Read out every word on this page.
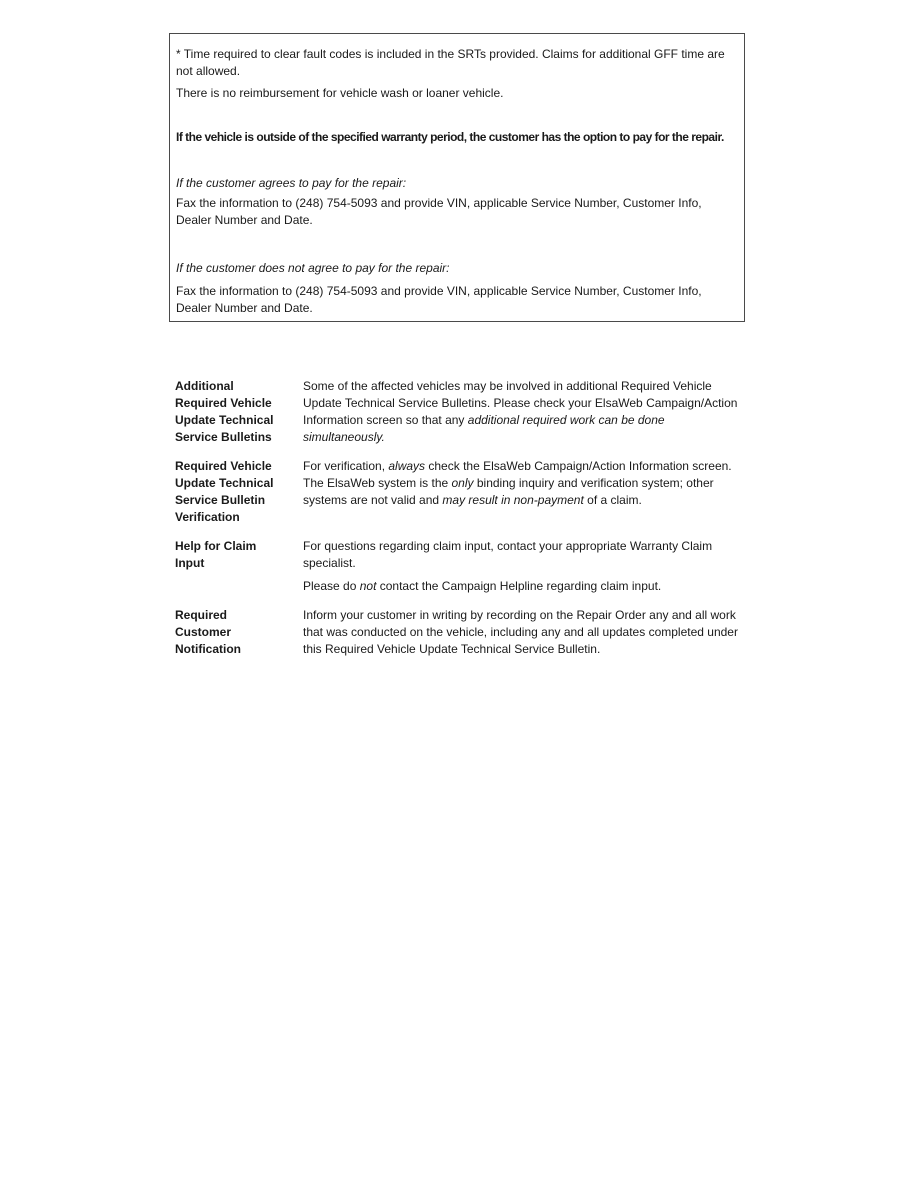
* Time required to clear fault codes is included in the SRTs provided. Claims for additional GFF time are not allowed.

There is no reimbursement for vehicle wash or loaner vehicle.

If the vehicle is outside of the specified warranty period, the customer has the option to pay for the repair.

If the customer agrees to pay for the repair:

Fax the information to (248) 754-5093 and provide VIN, applicable Service Number, Customer Info, Dealer Number and Date.

If the customer does not agree to pay for the repair:

Fax the information to (248) 754-5093 and provide VIN, applicable Service Number, Customer Info, Dealer Number and Date.

Additional
Required Vehicle
Update Technical
Service Bulletins

Some of the affected vehicles may be involved in additional Required Vehicle Update Technical Service Bulletins. Please check your ElsaWeb Campaign/Action Information screen so that any additional required work can be done simultaneously.

Required Vehicle
Update Technical
Service Bulletin
Verification

For verification, always check the ElsaWeb Campaign/Action Information screen. The ElsaWeb system is the only binding inquiry and verification system; other systems are not valid and may result in non-payment of a claim.

Help for Claim
Input

For questions regarding claim input, contact your appropriate Warranty Claim specialist.

Please do not contact the Campaign Helpline regarding claim input.

Required
Customer
Notification

Inform your customer in writing by recording on the Repair Order any and all work that was conducted on the vehicle, including any and all updates completed under this Required Vehicle Update Technical Service Bulletin.
